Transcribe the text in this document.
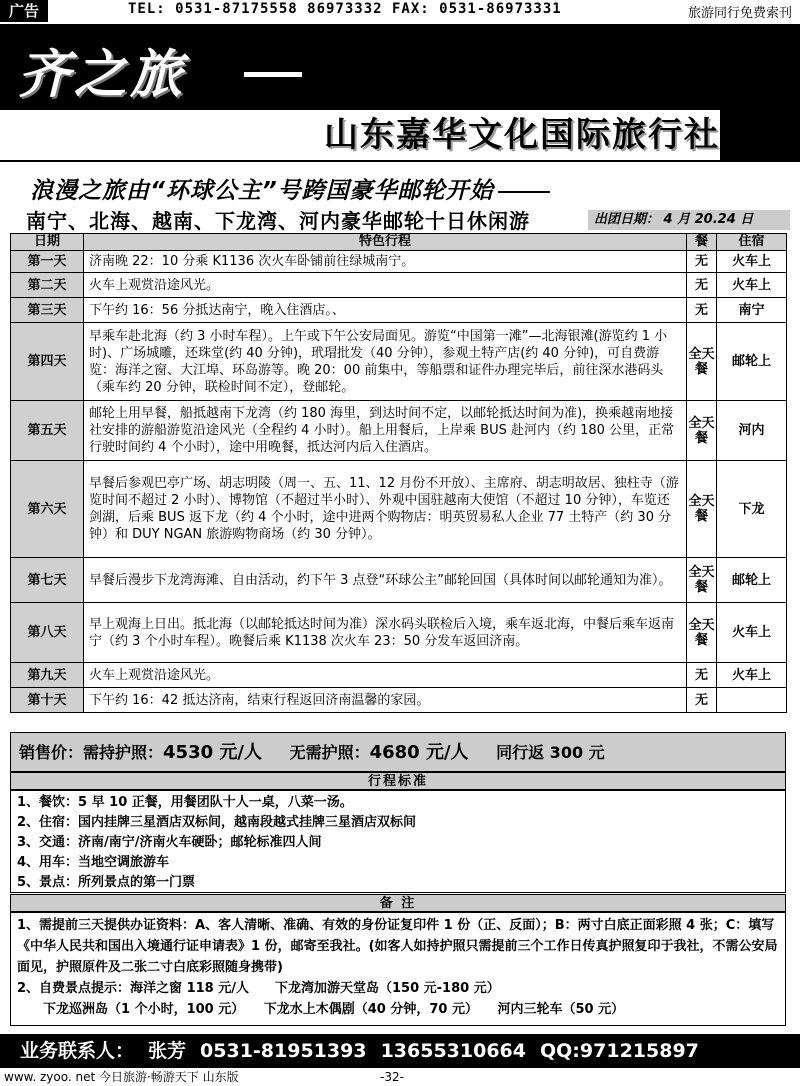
广告	TEL: 0531-87175558 86973332 FAX: 0531-86973331	旅游同行免费索刊
齐之旅
山东嘉华文化国际旅行社
浪漫之旅由“环球公主”号跨国豪华邮轮开始
南宁、北海、越南、下龙湾、河内豪华邮轮十日休闲游	出团日期： 4 月 20.24 日
日期	特色行程	餐	住宿
第一天	济南晚 22：10 分乘 K1136 次火车卧铺前往绿城南宁。	无	火车上
第二天	火车上观赏沿途风光。	无	火车上
第三天	下午约 16：56 分抵达南宁，晚入住酒店。、	无	南宁
第四天	早乘车赴北海（约 3 小时车程）。上午或下午公安局面见。游览“中国第一滩”—北海银滩(游览约 1 小时)、广场城雕，还珠堂(约 40 分钟)，玳瑁批发（40 分钟），参观土特产店(约 40 分钟)，可自费游览：海洋之窗、大江埠、环岛游等。晚 20：00 前集中，等船票和证件办理完毕后，前往深水港码头（乘车约 20 分钟，联检时间不定），登邮轮。	全天餐	邮轮上
第五天	邮轮上用早餐，船抵越南下龙湾（约 180 海里，到达时间不定，以邮轮抵达时间为准)，换乘越南地接社安排的游船游览沿途风光（全程约 4 小时）。船上用餐后，上岸乘 BUS 赴河内（约 180 公里，正常行驶时间约 4 个小时），途中用晚餐，抵达河内后入住酒店。	全天餐	河内
第六天	早餐后参观巴亭广场、胡志明陵（周一、五、11、12 月份不开放）、主席府、胡志明故居、独柱寺（游览时间不超过 2 小时）、博物馆（不超过半小时）、外观中国驻越南大使馆（不超过 10 分钟），车览还剑湖，后乘 BUS 返下龙（约 4 个小时，途中进两个购物店：明英贸易私人企业 77 土特产（约 30 分钟）和 DUY NGAN 旅游购物商场（约 30 分钟）。	全天餐	下龙
第七天	早餐后漫步下龙湾海滩、自由活动，约下午 3 点登“环球公主”邮轮回国（具体时间以邮轮通知为准）。	全天餐	邮轮上
第八天	早上观海上日出。抵北海（以邮轮抵达时间为准）深水码头联检后入境，乘车返北海，中餐后乘车返南宁（约 3 个小时车程）。晚餐后乘 K1138 次火车 23：50 分发车返回济南。	全天餐	火车上
第九天	火车上观赏沿途风光。	无	火车上
第十天	下午约 16：42 抵达济南，结束行程返回济南温馨的家园。	无	
销售价：需持护照：4530 元/人 无需护照：4680 元/人 同行返 300 元
行程标准
1、餐饮：5 早 10 正餐，用餐团队十人一桌，八菜一汤。
2、住宿：国内挂牌三星酒店双标间，越南段越式挂牌三星酒店双标间
3、交通：济南/南宁/济南火车硬卧；邮轮标准四人间
4、用车：当地空调旅游车
5、景点：所列景点的第一门票
备 注
1、需提前三天提供办证资料：A、客人清晰、准确、有效的身份证复印件 1 份（正、反面）；B：两寸白底正面彩照 4 张；C：填写《中华人民共和国出入境通行证申请表》1 份，邮寄至我社。(如客人如持护照只需提前三个工作日传真护照复印于我社，不需公安局面见，护照原件及二张二寸白底彩照随身携带)
2、自费景点提示：海洋之窗 118 元/人　　下龙湾加游天堂岛（150 元-180 元）
下龙巡洲岛（1 个小时，100 元）　　下龙水上木偶剧（40 分钟，70 元）　　河内三轮车（50 元）
业务联系人： 张芳 0531-81951393 13655310664 QQ:971215897
www. zyoo. net 今日旅游·畅游天下 山东版	-32-
